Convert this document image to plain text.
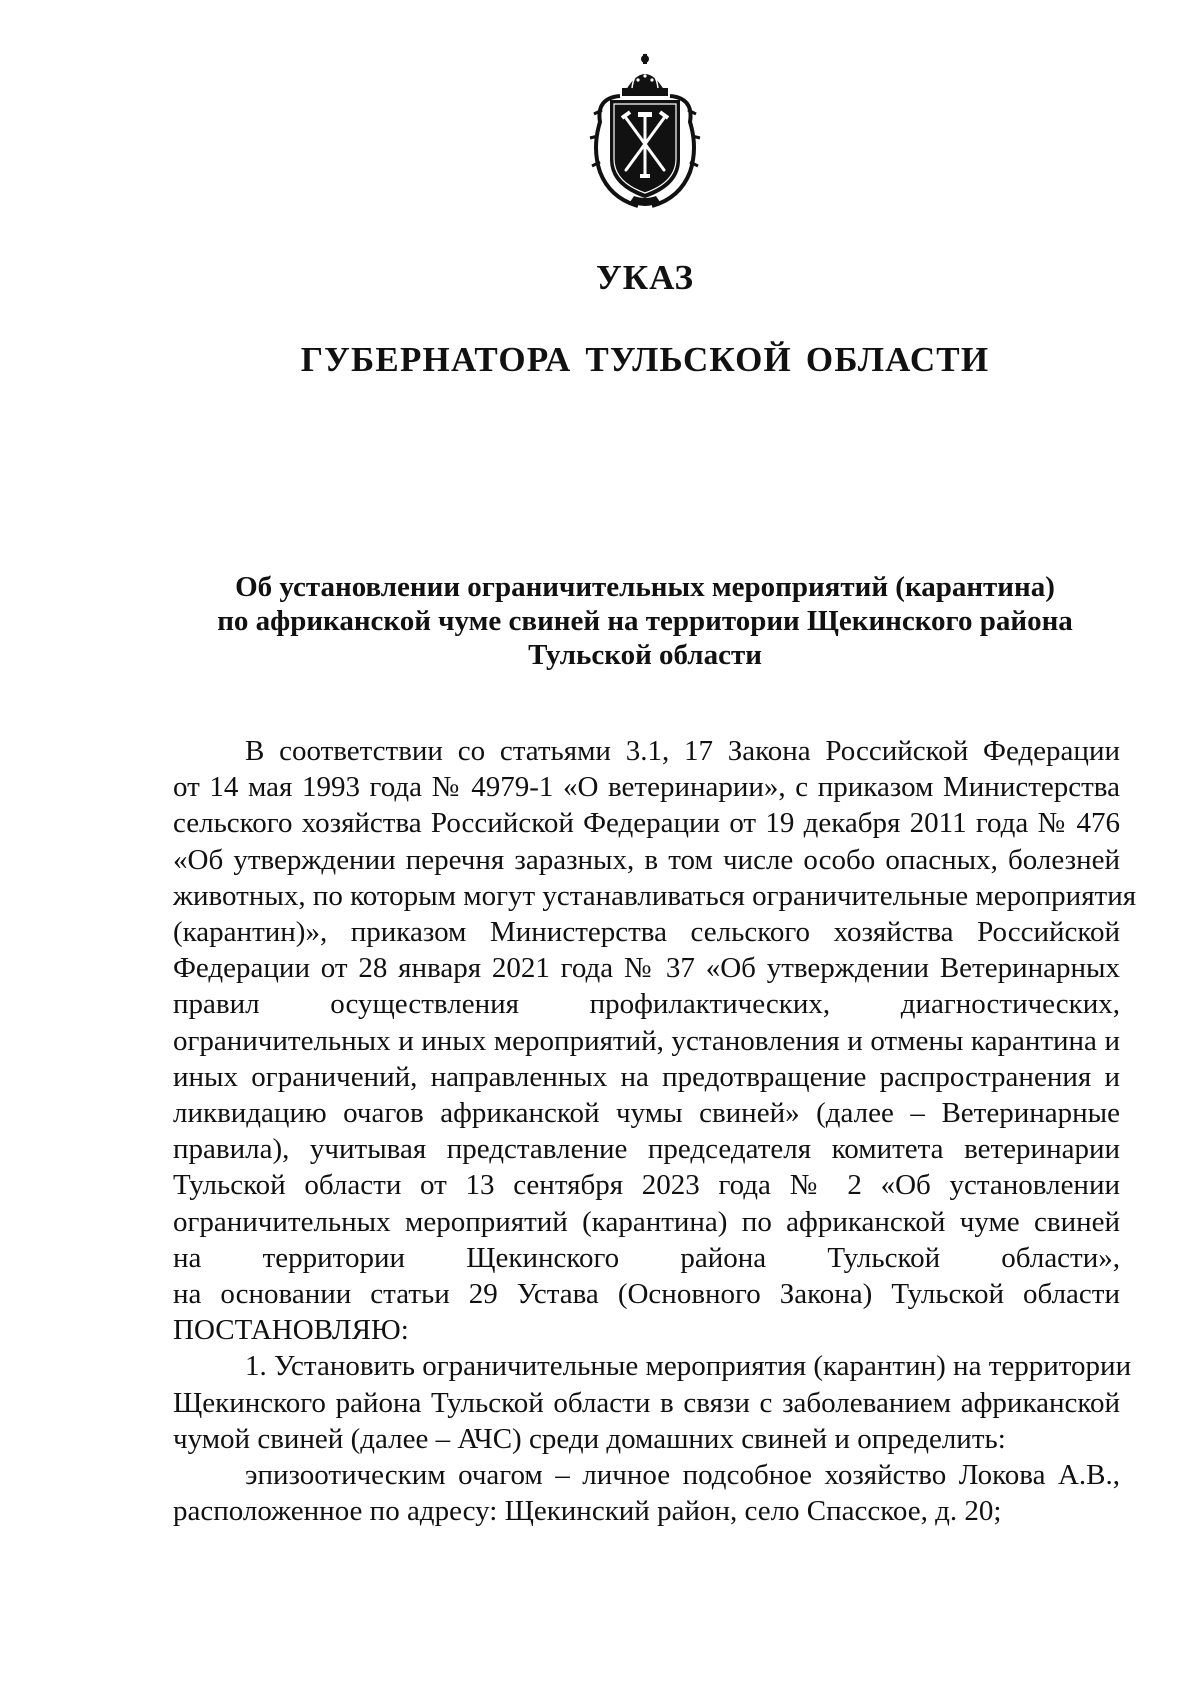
УКАЗ
ГУБЕРНАТОРА ТУЛЬСКОЙ ОБЛАСТИ
Об установлении ограничительных мероприятий (карантина)
по африканской чуме свиней на территории Щекинского района
Тульской области

В соответствии со статьями 3.1, 17 Закона Российской Федерации
от 14 мая 1993 года № 4979-1 «О ветеринарии», с приказом Министерства
сельского хозяйства Российской Федерации от 19 декабря 2011 года № 476
«Об утверждении перечня заразных, в том числе особо опасных, болезней
животных, по которым могут устанавливаться ограничительные мероприятия
(карантин)», приказом Министерства сельского хозяйства Российской
Федерации от 28 января 2021 года № 37 «Об утверждении Ветеринарных
правил осуществления профилактических, диагностических,
ограничительных и иных мероприятий, установления и отмены карантина и
иных ограничений, направленных на предотвращение распространения и
ликвидацию очагов африканской чумы свиней» (далее – Ветеринарные
правила), учитывая представление председателя комитета ветеринарии
Тульской области от 13 сентября 2023 года № 2 «Об установлении
ограничительных мероприятий (карантина) по африканской чуме свиней
на территории Щекинского района Тульской области»,
на основании статьи 29 Устава (Основного Закона) Тульской области
ПОСТАНОВЛЯЮ:

1. Установить ограничительные мероприятия (карантин) на территории
Щекинского района Тульской области в связи с заболеванием африканской
чумой свиней (далее – АЧС) среди домашних свиней и определить:

эпизоотическим очагом – личное подсобное хозяйство Локова А.В.,
расположенное по адресу: Щекинский район, село Спасское, д. 20;
